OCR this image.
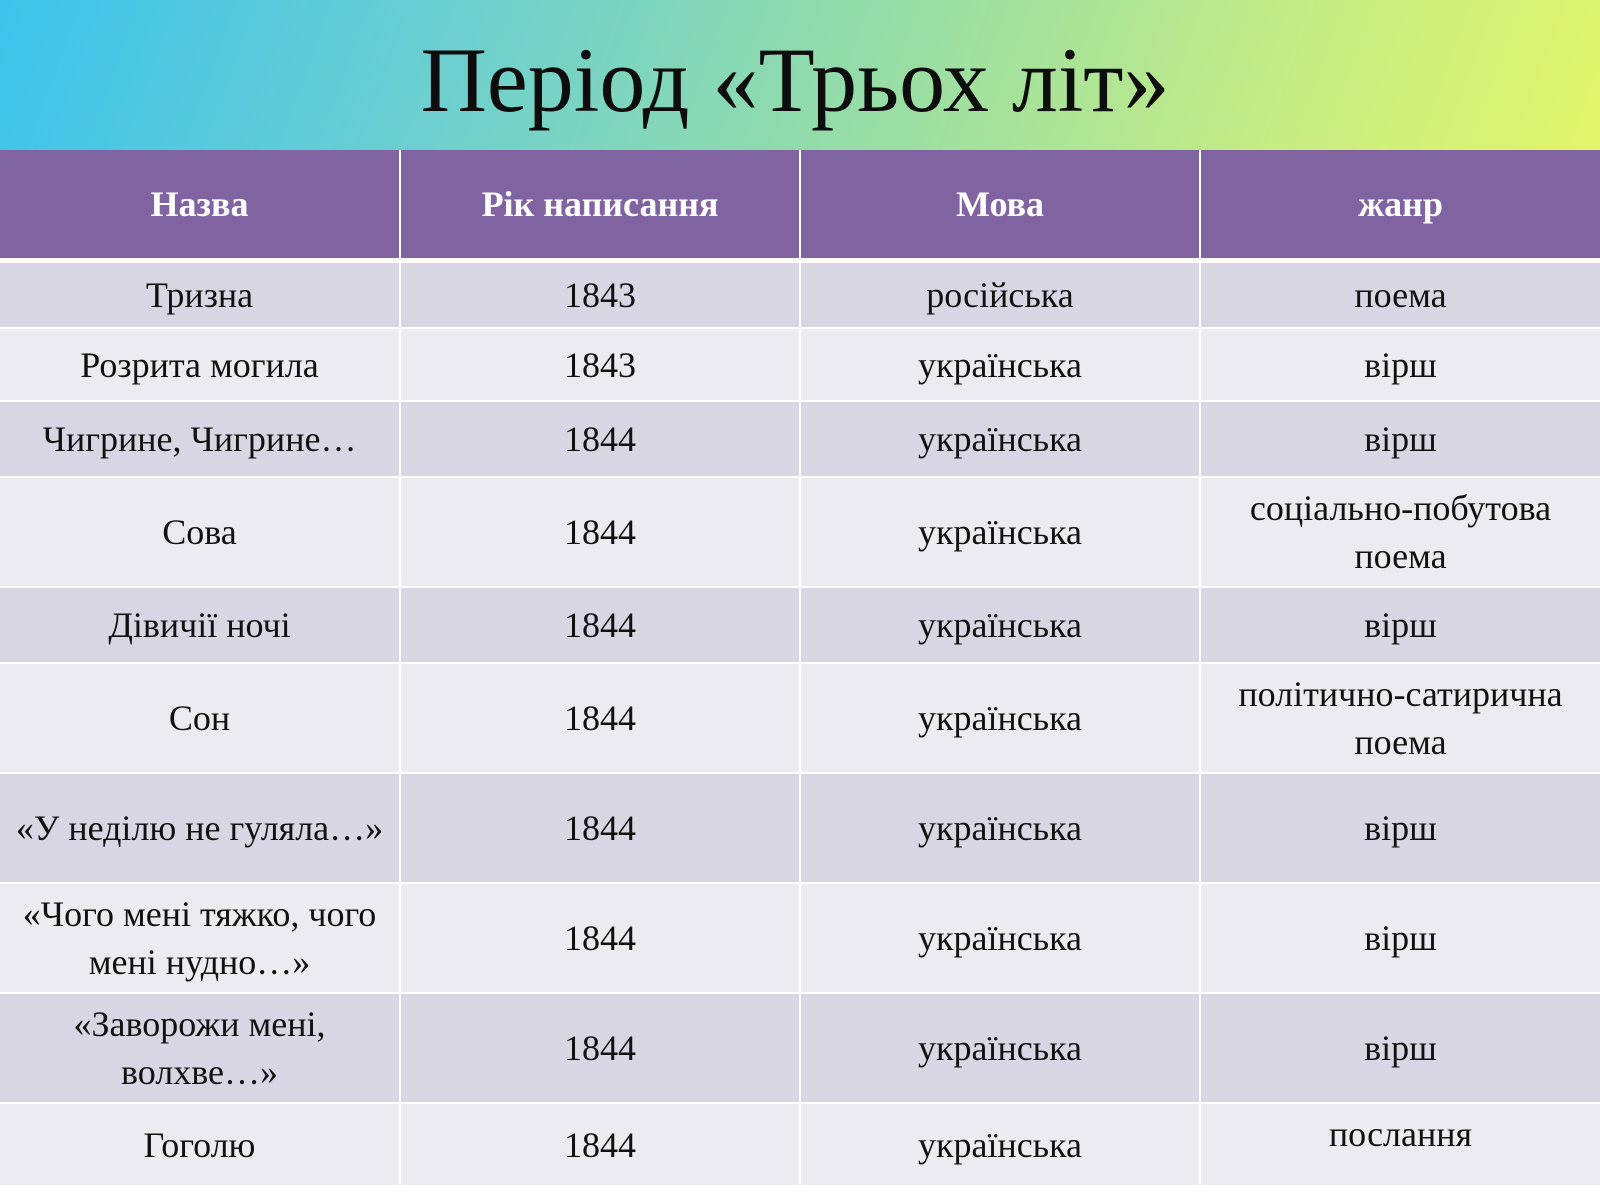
Період «Трьох літ»
Назва	Рік написання	Мова	жанр
Тризна	1843	російська	поема
Розрита могила	1843	українська	вірш
Чигрине, Чигрине…	1844	українська	вірш
Сова	1844	українська	соціально-побутова поема
Дівичії ночі	1844	українська	вірш
Сон	1844	українська	політично-сатирична поема
«У неділю не гуляла…»	1844	українська	вірш
«Чого мені тяжко, чого мені нудно…»	1844	українська	вірш
«Заворожи мені, волхве…»	1844	українська	вірш
Гоголю	1844	українська	послання
